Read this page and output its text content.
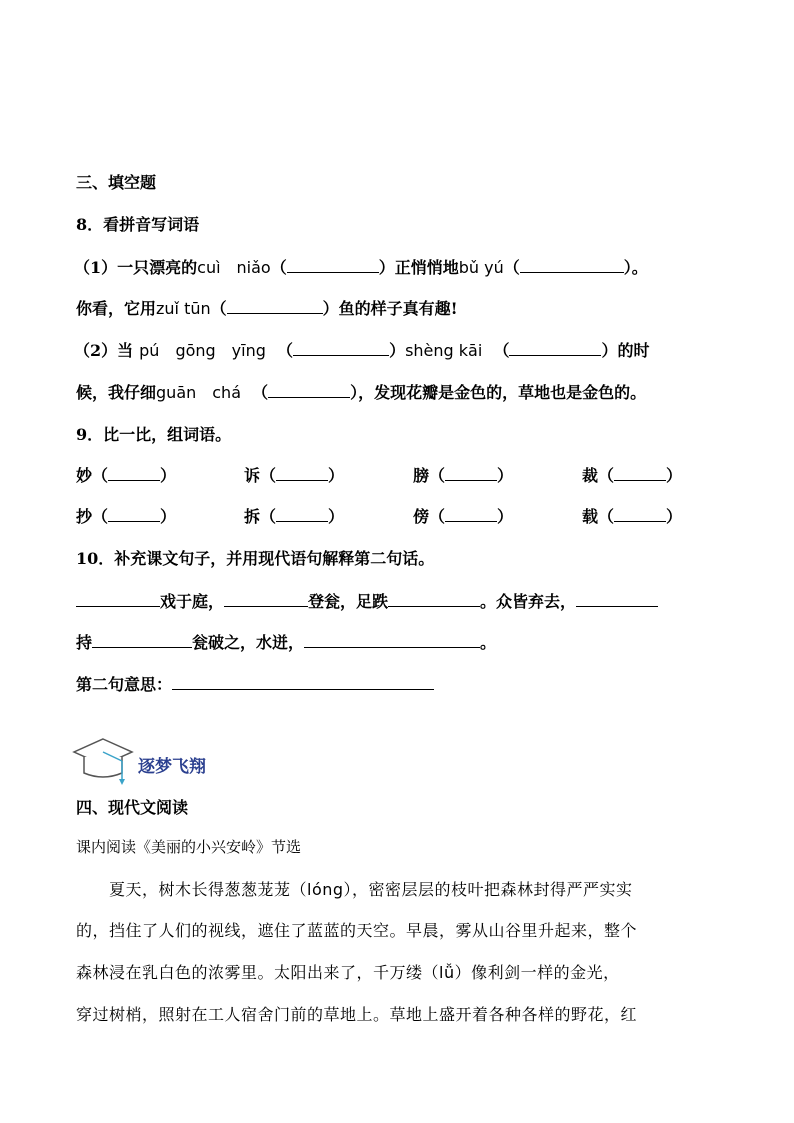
三、填空题
8．看拼音写词语
（1）一只漂亮的cuì　niǎo（	）正悄悄地bǔ yú（	）。
你看，它用zuǐ tūn（	）鱼的样子真有趣!
（2）当 pú　gōng　yīng （	）shèng kāi （	）的时
候，我仔细guān　chá （	），发现花瓣是金色的，草地也是金色的。
9．比一比，组词语。
妙（	）	诉（	）	膀（	）	裁（	）
抄（	）	拆（	）	傍（	）	载（	）
10．补充课文句子，并用现代语句解释第二句话。
戏于庭，	登瓮，足跌	。众皆弃去，
持	瓮破之，水迸，	。
第二句意思：
逐梦飞翔
四、现代文阅读
课内阅读《美丽的小兴安岭》节选
　　夏天，树木长得葱葱茏茏（lóng），密密层层的枝叶把森林封得严严实实
的，挡住了人们的视线，遮住了蓝蓝的天空。早晨，雾从山谷里升起来，整个
森林浸在乳白色的浓雾里。太阳出来了，千万缕（lǚ）像利剑一样的金光，
穿过树梢，照射在工人宿舍门前的草地上。草地上盛开着各种各样的野花，红
